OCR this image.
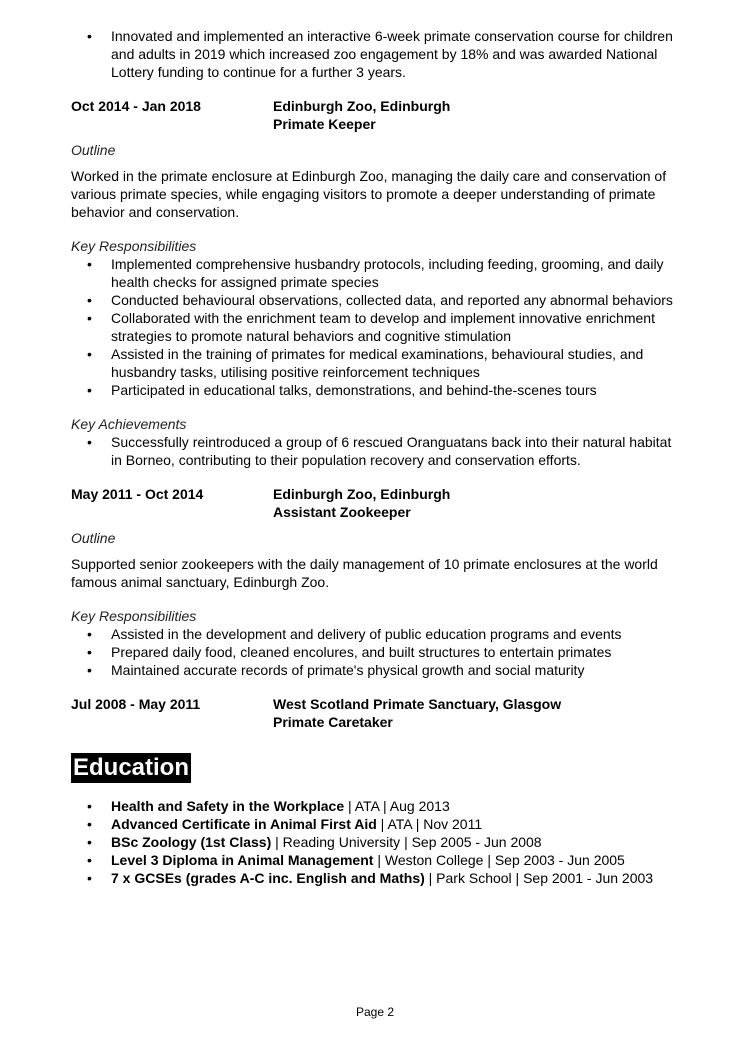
• Innovated and implemented an interactive 6-week primate conservation course for children and adults in 2019 which increased zoo engagement by 18% and was awarded National Lottery funding to continue for a further 3 years.
Oct 2014 - Jan 2018	Edinburgh Zoo, Edinburgh
Primate Keeper
Outline

Worked in the primate enclosure at Edinburgh Zoo, managing the daily care and conservation of various primate species, while engaging visitors to promote a deeper understanding of primate behavior and conservation.

Key Responsibilities
• Implemented comprehensive husbandry protocols, including feeding, grooming, and daily health checks for assigned primate species
• Conducted behavioural observations, collected data, and reported any abnormal behaviors
• Collaborated with the enrichment team to develop and implement innovative enrichment strategies to promote natural behaviors and cognitive stimulation
• Assisted in the training of primates for medical examinations, behavioural studies, and husbandry tasks, utilising positive reinforcement techniques
• Participated in educational talks, demonstrations, and behind-the-scenes tours
Key Achievements
• Successfully reintroduced a group of 6 rescued Oranguatans back into their natural habitat in Borneo, contributing to their population recovery and conservation efforts.
May 2011 - Oct 2014	Edinburgh Zoo, Edinburgh
Assistant Zookeeper
Outline

Supported senior zookeepers with the daily management of 10 primate enclosures at the world famous animal sanctuary, Edinburgh Zoo.

Key Responsibilities
• Assisted in the development and delivery of public education programs and events
• Prepared daily food, cleaned encolures, and built structures to entertain primates
• Maintained accurate records of primate's physical growth and social maturity
Jul 2008 - May 2011	West Scotland Primate Sanctuary, Glasgow
Primate Caretaker
Education
• Health and Safety in the Workplace | ATA | Aug 2013
• Advanced Certificate in Animal First Aid | ATA | Nov 2011
• BSc Zoology (1st Class) | Reading University | Sep 2005 - Jun 2008
• Level 3 Diploma in Animal Management | Weston College | Sep 2003 - Jun 2005
• 7 x GCSEs (grades A-C inc. English and Maths) | Park School | Sep 2001 - Jun 2003
Page 2
